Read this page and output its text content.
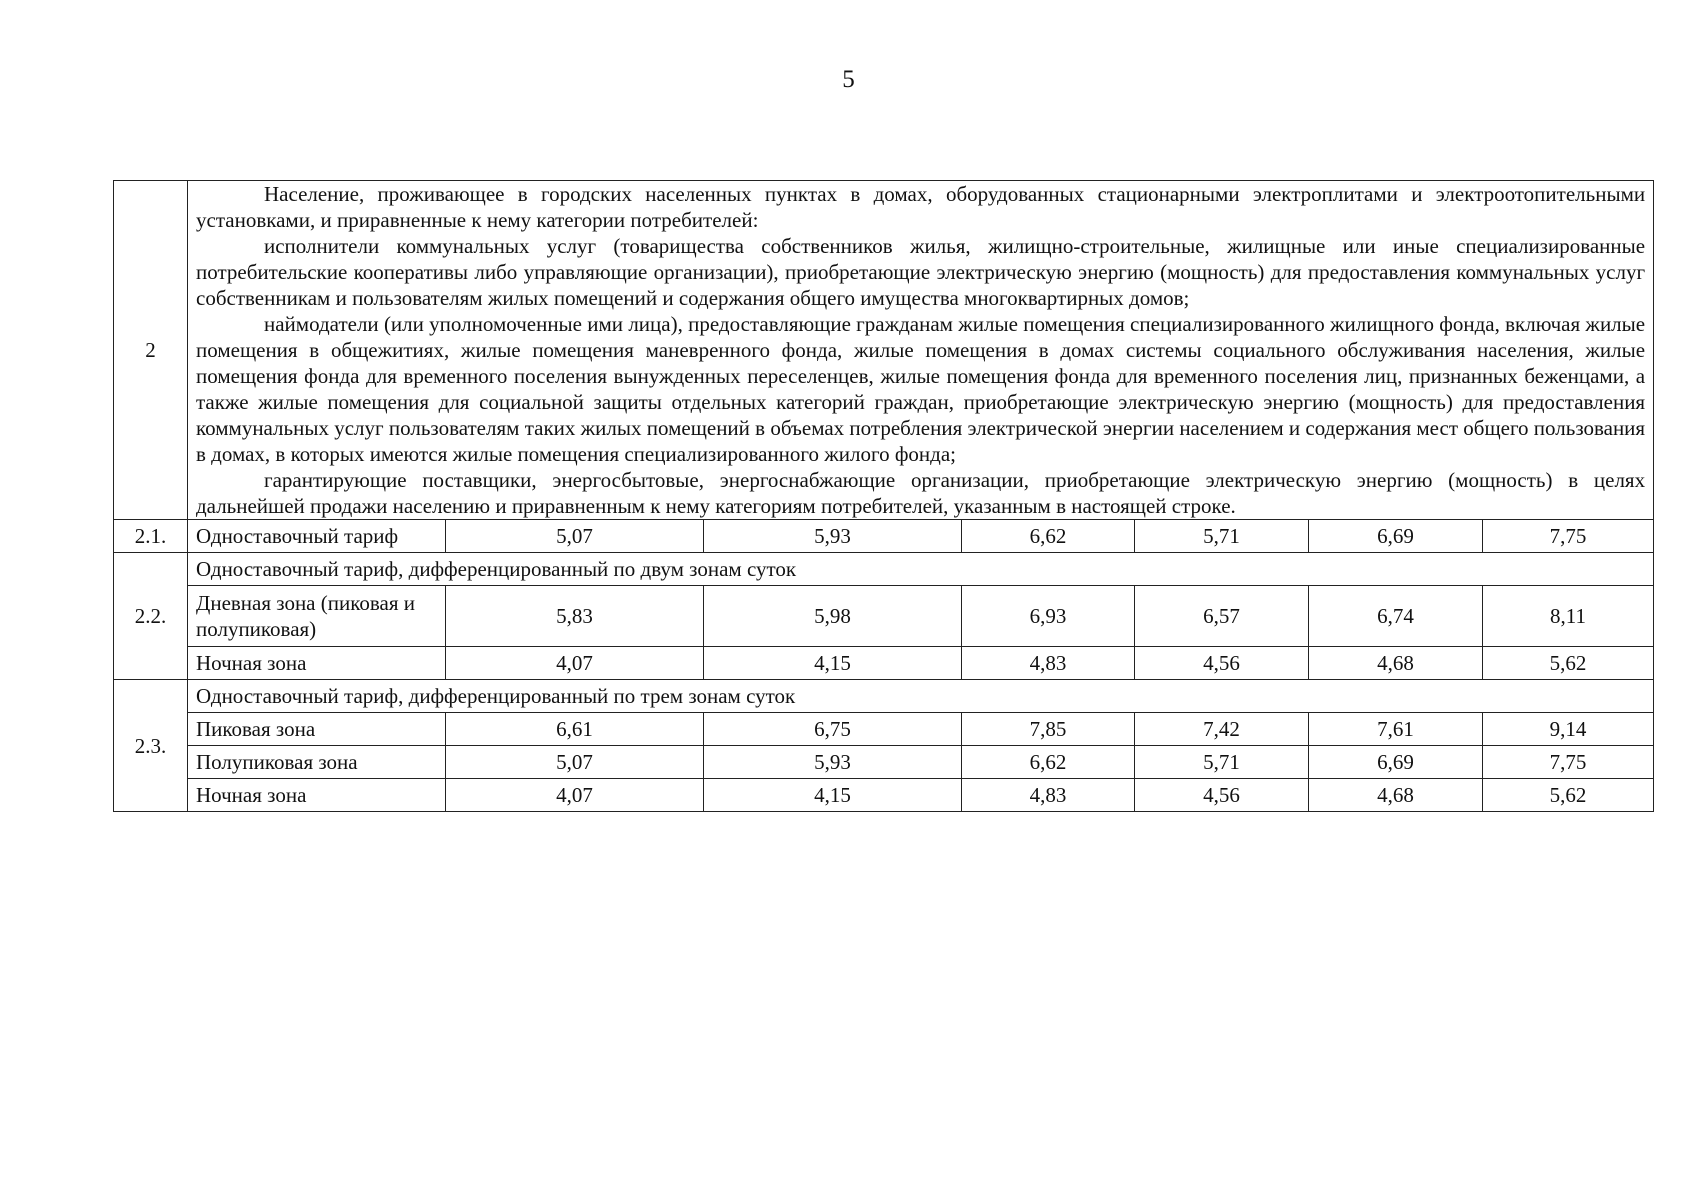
5
2	Население, проживающее в городских населенных пунктах в домах, оборудованных стационарными электроплитами и электроотопительными установками, и приравненные к нему категории потребителей:

исполнители коммунальных услуг (товарищества собственников жилья, жилищно-строительные, жилищные или иные специализированные потребительские кооперативы либо управляющие организации), приобретающие электрическую энергию (мощность) для предоставления коммунальных услуг собственникам и пользователям жилых помещений и содержания общего имущества многоквартирных домов;

наймодатели (или уполномоченные ими лица), предоставляющие гражданам жилые помещения специализированного жилищного фонда, включая жилые помещения в общежитиях, жилые помещения маневренного фонда, жилые помещения в домах системы социального обслуживания населения, жилые помещения фонда для временного поселения вынужденных переселенцев, жилые помещения фонда для временного поселения лиц, признанных беженцами, а также жилые помещения для социальной защиты отдельных категорий граждан, приобретающие электрическую энергию (мощность) для предоставления коммунальных услуг пользователям таких жилых помещений в объемах потребления электрической энергии населением и содержания мест общего пользования в домах, в которых имеются жилые помещения специализированного жилого фонда;

гарантирующие поставщики, энергосбытовые, энергоснабжающие организации, приобретающие электрическую энергию (мощность) в целях дальнейшей продажи населению и приравненным к нему категориям потребителей, указанным в настоящей строке.						

2.1.	Одноставочный тариф	5,07	5,93	6,62	5,71	6,69	7,75
2.2.	Одноставочный тариф, дифференцированный по двум зонам суток						
	Дневная зона (пиковая и полупиковая)	5,83	5,98	6,93	6,57	6,74	8,11
	Ночная зона	4,07	4,15	4,83	4,56	4,68	5,62
2.3.	Одноставочный тариф, дифференцированный по трем зонам суток						
	Пиковая зона	6,61	6,75	7,85	7,42	7,61	9,14
	Полупиковая зона	5,07	5,93	6,62	5,71	6,69	7,75
	Ночная зона	4,07	4,15	4,83	4,56	4,68	5,62
